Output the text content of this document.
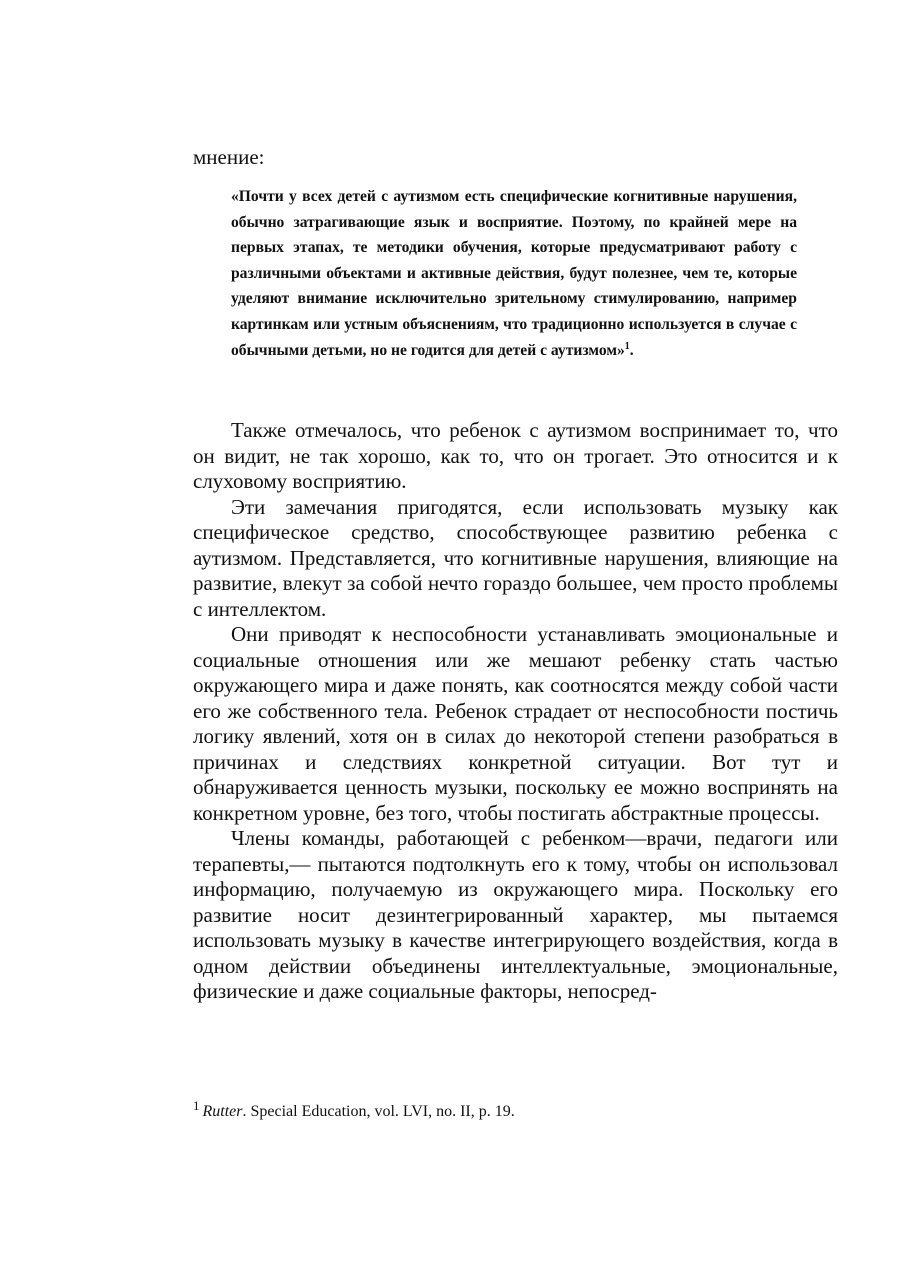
мнение:

«Почти у всех детей с аутизмом есть специфические когнитивные нарушения, обычно затрагивающие язык и восприятие. Поэтому, по крайней мере на первых этапах, те методики обучения, которые предусматривают работу с различными объектами и активные действия, будут полезнее, чем те, которые уделяют внимание исключительно зрительному стимулированию, например картинкам или устным объяснениям, что традиционно используется в случае с обычными детьми, но не годится для детей с аутизмом»$^1$.

Также отмечалось, что ребенок с аутизмом воспринимает то, что он видит, не так хорошо, как то, что он трогает. Это относится и к слуховому восприятию.

Эти замечания пригодятся, если использовать музыку как специфическое средство, способствующее развитию ребенка с аутизмом. Представляется, что когнитивные нарушения, влияющие на развитие, влекут за собой нечто гораздо большее, чем просто проблемы с интеллектом.

Они приводят к неспособности устанавливать эмоциональные и социальные отношения или же мешают ребенку стать частью окружающего мира и даже понять, как соотносятся между собой части его же собственного тела. Ребенок страдает от неспособности постичь логику явлений, хотя он в силах до некоторой степени разобраться в причинах и следствиях конкретной ситуации. Вот тут и обнаруживается ценность музыки, поскольку ее можно воспринять на конкретном уровне, без того, чтобы постигать абстрактные процессы.

Члены команды, работающей с ребенком—врачи, педагоги или терапевты,— пытаются подтолкнуть его к тому, чтобы он использовал информацию, получаемую из окружающего мира. Поскольку его развитие носит дезинтегрированный характер, мы пытаемся использовать музыку в качестве интегрирующего воздействия, когда в одном действии объединены интеллектуальные, эмоциональные, физические и даже социальные факторы, непосред-

$^1$ Rutter. Special Education, vol. LVI, no. II, p. 19.
